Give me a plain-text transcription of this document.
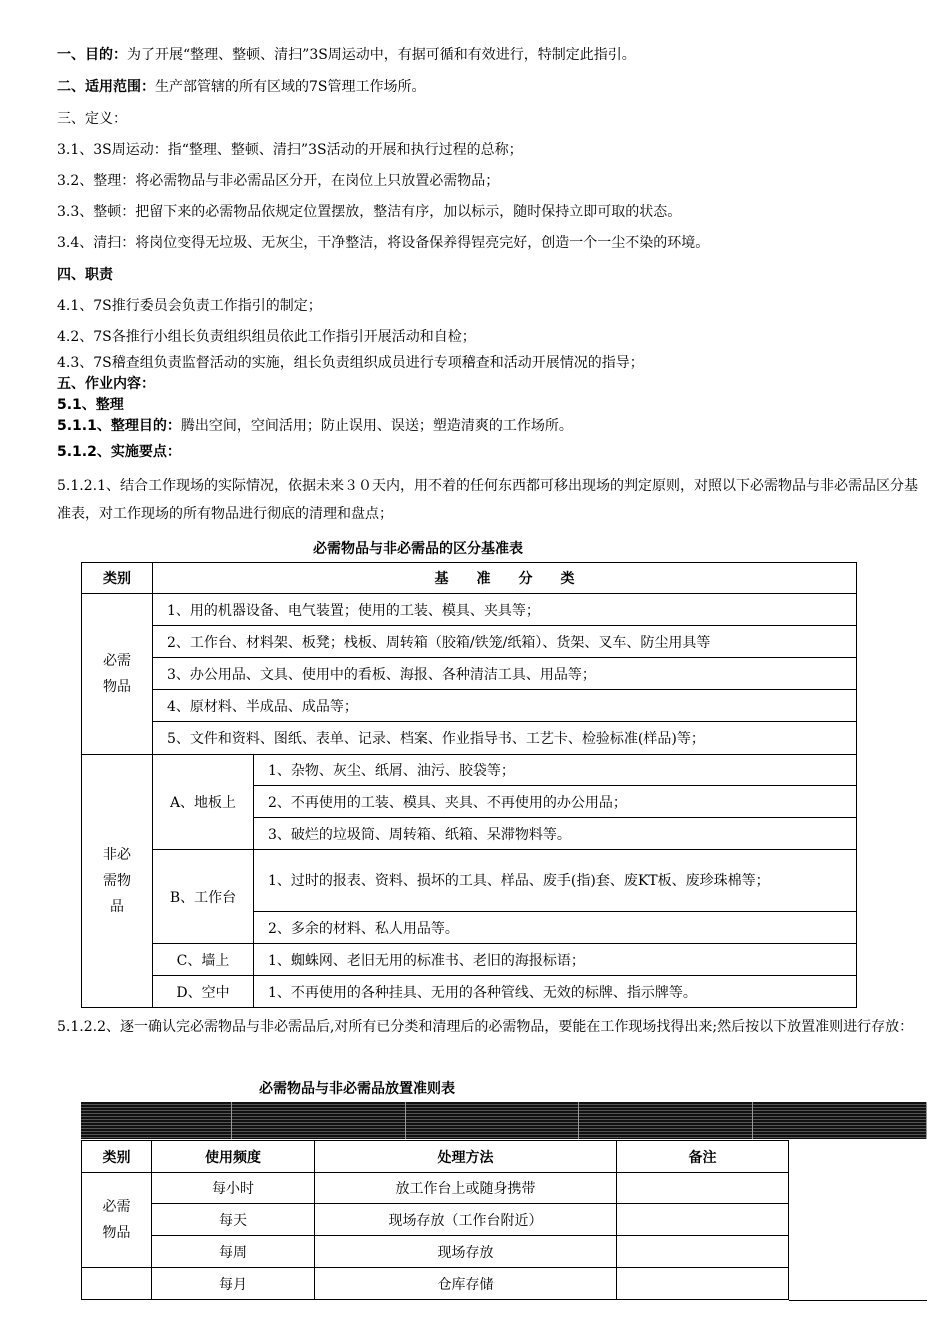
一、目的：为了开展“整理、整顿、清扫”3S周运动中，有据可循和有效进行，特制定此指引。
二、适用范围：生产部管辖的所有区域的7S管理工作场所。
三、定义：
3.1、3S周运动：指“整理、整顿、清扫”3S活动的开展和执行过程的总称；
3.2、整理：将必需物品与非必需品区分开，在岗位上只放置必需物品；
3.3、整顿：把留下来的必需物品依规定位置摆放，整洁有序，加以标示，随时保持立即可取的状态。
3.4、清扫：将岗位变得无垃圾、无灰尘，干净整洁，将设备保养得锃亮完好，创造一个一尘不染的环境。
四、职责
4.1、7S推行委员会负责工作指引的制定；
4.2、7S各推行小组长负责组织组员依此工作指引开展活动和自检；
4.3、7S稽查组负责监督活动的实施，组长负责组织成员进行专项稽查和活动开展情况的指导；
五、作业内容：
5.1、整理
5.1.1、整理目的：腾出空间，空间活用；防止误用、误送；塑造清爽的工作场所。
5.1.2、实施要点：
5.1.2.1、结合工作现场的实际情况，依据未来３０天内，用不着的任何东西都可移出现场的判定原则，对照以下必需物品与非必需品区分基准表，对工作现场的所有物品进行彻底的清理和盘点；
必需物品与非必需品的区分基准表
类别	基　　准　　分　　类	
必需
物品	1、用的机器设备、电气装置；使用的工装、模具、夹具等；	
	2、工作台、材料架、板凳；栈板、周转箱（胶箱/铁笼/纸箱）、货架、叉车、防尘用具等	
	3、办公用品、文具、使用中的看板、海报、各种清洁工具、用品等；	
	4、原材料、半成品、成品等；	
	5、文件和资料、图纸、表单、记录、档案、作业指导书、工艺卡、检验标准(样品)等；	
非必
需物
品	A、地板上	1、杂物、灰尘、纸屑、油污、胶袋等；
		2、不再使用的工装、模具、夹具、不再使用的办公用品；
		3、破烂的垃圾筒、周转箱、纸箱、呆滞物料等。
	B、工作台	1、过时的报表、资料、损坏的工具、样品、废手(指)套、废KT板、废珍珠棉等；
		2、多余的材料、私人用品等。
	C、墙上	1、蜘蛛网、老旧无用的标准书、老旧的海报标语；
	D、空中	1、不再使用的各种挂具、无用的各种管线、无效的标牌、指示牌等。
5.1.2.2、逐一确认完必需物品与非必需品后,对所有已分类和清理后的必需物品，要能在工作现场找得出来;然后按以下放置准则进行存放：
必需物品与非必需品放置准则表
类别	使用频度	处理方法	备注
必需
物品	每小时	放工作台上或随身携带	
	每天	现场存放（工作台附近）	
	每周	现场存放	
	每月	仓库存储	
